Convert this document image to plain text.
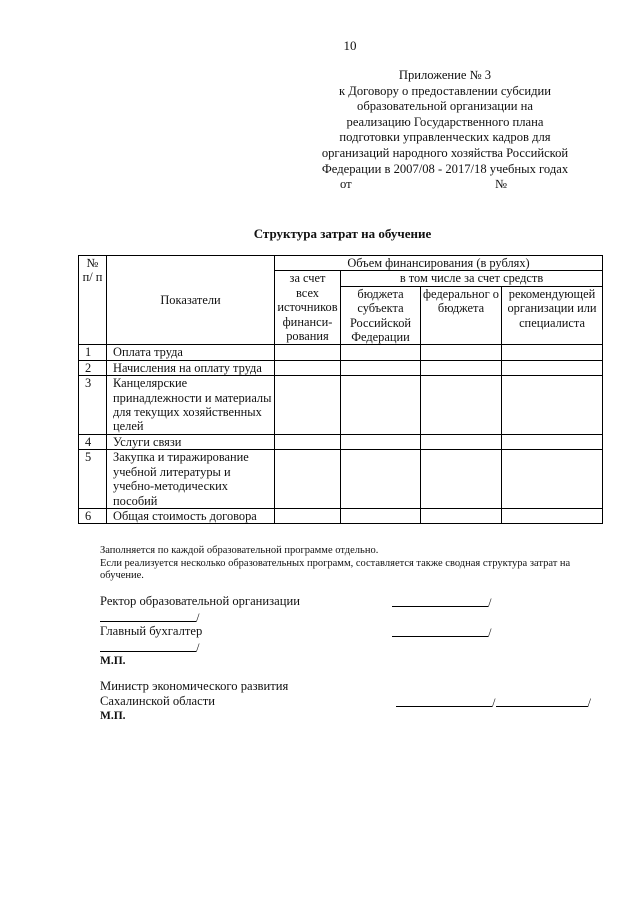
10
Приложение № 3
к Договору о предоставлении субсидии
образовательной организации на
реализацию Государственного плана
подготовки управленческих кадров для
организаций народного хозяйства Российской
Федерации в 2007/08 - 2017/18 учебных годах
от	№
Структура затрат на обучение
№ п/ п	Показатели	Объем финансирования (в рублях)			
		за счет всех источников финанси-рования	в том числе за счет средств		
			бюджета субъекта Российской Федерации	федеральног о бюджета	рекомендующей организации или специалиста
1	Оплата труда				
2	Начисления на оплату труда				
3	Канцелярские принадлежности и материалы для текущих хозяйственных целей				
4	Услуги связи				
5	Закупка и тиражирование учебной литературы и учебно-методических пособий				
6	Общая стоимость договора				

Заполняется по каждой образовательной программе отдельно.

Если реализуется несколько образовательных программ, составляется также сводная структура затрат на обучение.

Ректор образовательной организации	/
/
Главный бухгалтер	/
/
М.П.
Министр экономического развития
Сахалинской области	/	/
М.П.
